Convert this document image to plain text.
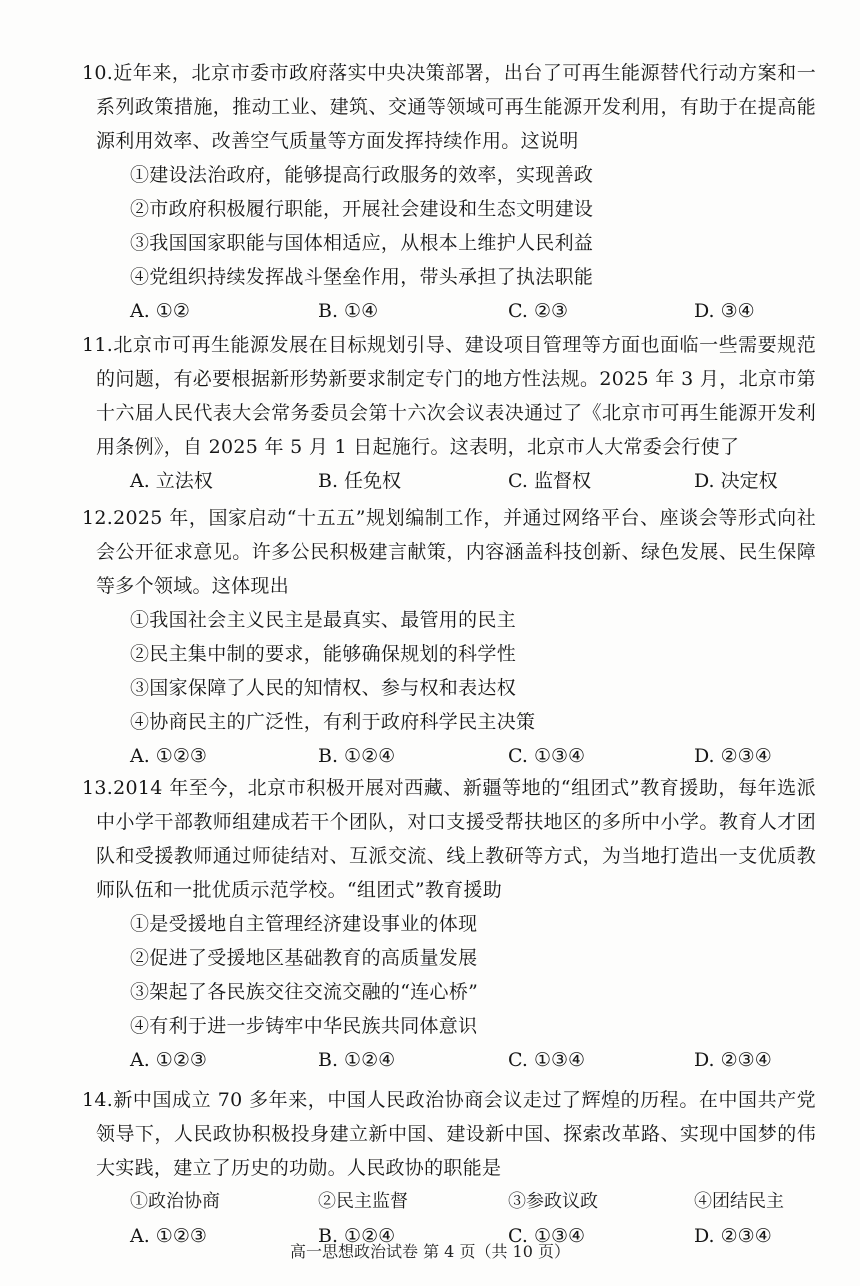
10.近年来，北京市委市政府落实中央决策部署，出台了可再生能源替代行动方案和一系列政策措施，推动工业、建筑、交通等领域可再生能源开发利用，有助于在提高能源利用效率、改善空气质量等方面发挥持续作用。这说明
①建设法治政府，能够提高行政服务的效率，实现善政
②市政府积极履行职能，开展社会建设和生态文明建设
③我国国家职能与国体相适应，从根本上维护人民利益
④党组织持续发挥战斗堡垒作用，带头承担了执法职能
A. ①②	B. ①④	C. ②③	D. ③④
11.北京市可再生能源发展在目标规划引导、建设项目管理等方面也面临一些需要规范的问题，有必要根据新形势新要求制定专门的地方性法规。2025 年 3 月，北京市第十六届人民代表大会常务委员会第十六次会议表决通过了《北京市可再生能源开发利用条例》，自 2025 年 5 月 1 日起施行。这表明，北京市人大常委会行使了
A. 立法权	B. 任免权	C. 监督权	D. 决定权
12.2025 年，国家启动“十五五”规划编制工作，并通过网络平台、座谈会等形式向社会公开征求意见。许多公民积极建言献策，内容涵盖科技创新、绿色发展、民生保障等多个领域。这体现出
①我国社会主义民主是最真实、最管用的民主
②民主集中制的要求，能够确保规划的科学性
③国家保障了人民的知情权、参与权和表达权
④协商民主的广泛性，有利于政府科学民主决策
A. ①②③	B. ①②④	C. ①③④	D. ②③④
13.2014 年至今，北京市积极开展对西藏、新疆等地的“组团式”教育援助，每年选派中小学干部教师组建成若干个团队，对口支援受帮扶地区的多所中小学。教育人才团队和受援教师通过师徒结对、互派交流、线上教研等方式，为当地打造出一支优质教师队伍和一批优质示范学校。“组团式”教育援助
①是受援地自主管理经济建设事业的体现
②促进了受援地区基础教育的高质量发展
③架起了各民族交往交流交融的“连心桥”
④有利于进一步铸牢中华民族共同体意识
A. ①②③	B. ①②④	C. ①③④	D. ②③④
14.新中国成立 70 多年来，中国人民政治协商会议走过了辉煌的历程。在中国共产党领导下，人民政协积极投身建立新中国、建设新中国、探索改革路、实现中国梦的伟大实践，建立了历史的功勋。人民政协的职能是
①政治协商	②民主监督	③参政议政	④团结民主
A. ①②③	B. ①②④	C. ①③④	D. ②③④
高一思想政治试卷 第 4 页（共 10 页）
